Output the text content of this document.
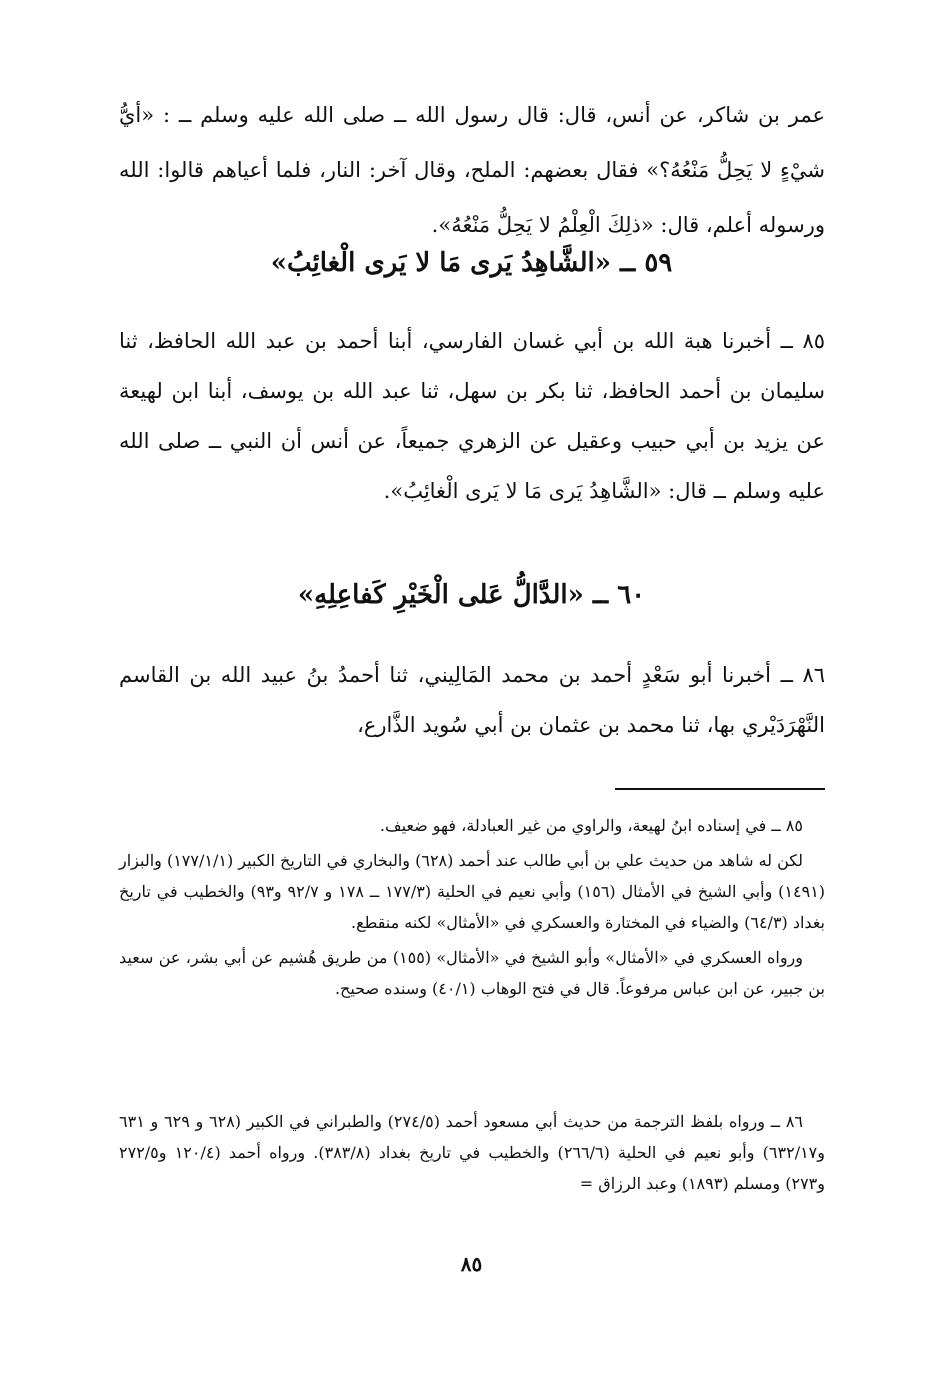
عمر بن شاكر، عن أنس، قال: قال رسول الله ــ صلى الله عليه وسلم ــ : «أيُّ شيْءٍ لا يَحِلُّ مَنْعُهُ؟» فقال بعضهم: الملح، وقال آخر: النار، فلما أعياهم قالوا: الله ورسوله أعلم، قال: «ذلِكَ الْعِلْمُ لا يَحِلُّ مَنْعُهُ».

٥٩ ــ «الشَّاهِدُ يَرى مَا لا يَرى الْغائِبُ»

٨٥ ــ أخبرنا هبة الله بن أبي غسان الفارسي، أبنا أحمد بن عبد الله الحافظ، ثنا سليمان بن أحمد الحافظ، ثنا بكر بن سهل، ثنا عبد الله بن يوسف، أبنا ابن لهيعة عن يزيد بن أبي حبيب وعقيل عن الزهري جميعاً، عن أنس أن النبي ــ صلى الله عليه وسلم ــ قال: «الشَّاهِدُ يَرى مَا لا يَرى الْغائِبُ».

٦٠ ــ «الدَّالُّ عَلى الْخَيْرِ كَفاعِلِهِ»

٨٦ ــ أخبرنا أبو سَعْدٍ أحمد بن محمد المَالِيني، ثنا أحمدُ بنُ عبيد الله بن القاسم النَّهْرَدَيْري بها، ثنا محمد بن عثمان بن أبي سُويد الذَّارع،

٨٥ ــ في إسناده ابنُ لهيعة، والراوي من غير العبادلة، فهو ضعيف.

لكن له شاهد من حديث علي بن أبي طالب عند أحمد (٦٢٨) والبخاري في التاريخ الكبير (١٧٧/١/١) والبزار (١٤٩١) وأبي الشيخ في الأمثال (١٥٦) وأبي نعيم في الحلية (١٧٧/٣ ــ ١٧٨ و ٩٢/٧ و٩٣) والخطيب في تاريخ بغداد (٦٤/٣) والضياء في المختارة والعسكري في «الأمثال» لكنه منقطع.

ورواه العسكري في «الأمثال» وأبو الشيخ في «الأمثال» (١٥٥) من طريق هُشيم عن أبي بشر، عن سعيد بن جبير، عن ابن عباس مرفوعاً. قال في فتح الوهاب (٤٠/١) وسنده صحيح.

٨٦ ــ ورواه بلفظ الترجمة من حديث أبي مسعود أحمد (٢٧٤/٥) والطبراني في الكبير (٦٢٨ و ٦٢٩ و ٦٣١ و٦٣٢/١٧) وأبو نعيم في الحلية (٢٦٦/٦) والخطيب في تاريخ بغداد (٣٨٣/٨). ورواه أحمد (١٢٠/٤ و٢٧٢/٥ و٢٧٣) ومسلم (١٨٩٣) وعبد الرزاق =

٨٥
